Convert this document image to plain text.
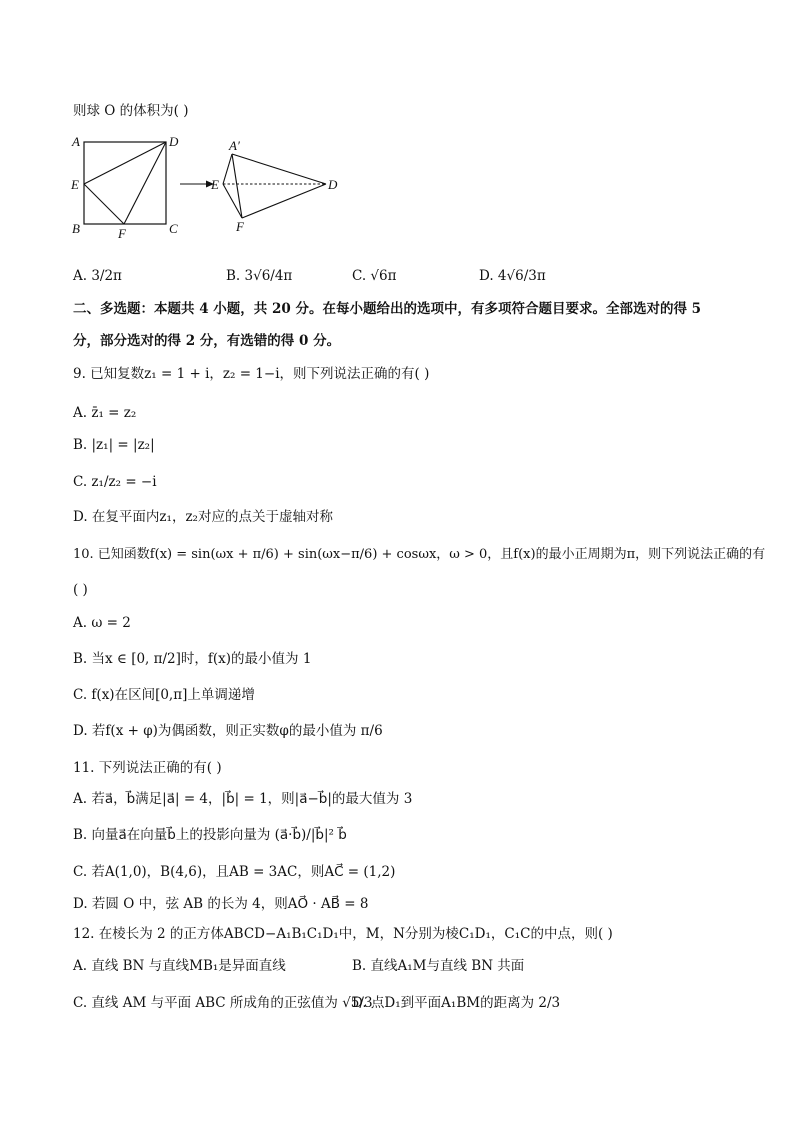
则球 O 的体积为( )
A	D
E
B	F	C
A′
E	D
F
A. 3/2π	B. 3√6/4π	C. √6π	D. 4√6/3π
二、多选题：本题共 4 小题，共 20 分。在每小题给出的选项中，有多项符合题目要求。全部选对的得 5
分，部分选对的得 2 分，有选错的得 0 分。
9. 已知复数z₁ = 1 + i，z₂ = 1−i，则下列说法正确的有( )
A. z̄₁ = z₂
B. |z₁| = |z₂|
C. z₁/z₂ = −i
D. 在复平面内z₁，z₂对应的点关于虚轴对称
10. 已知函数f(x) = sin(ωx + π/6) + sin(ωx−π/6) + cosωx，ω > 0，且f(x)的最小正周期为π，则下列说法正确的有
( )
A. ω = 2
B. 当x ∈ [0, π/2]时，f(x)的最小值为 1
C. f(x)在区间[0,π]上单调递增
D. 若f(x + φ)为偶函数，则正实数φ的最小值为 π/6
11. 下列说法正确的有( )
A. 若a⃗，b⃗满足|a⃗| = 4，|b⃗| = 1，则|a⃗−b⃗|的最大值为 3
B. 向量a⃗在向量b⃗上的投影向量为 (a⃗·b⃗)/|b⃗|² b⃗
C. 若A(1,0)，B(4,6)，且AB = 3AC，则AC⃗ = (1,2)
D. 若圆 O 中，弦 AB 的长为 4，则AO⃗ · AB⃗ = 8
12. 在棱长为 2 的正方体ABCD−A₁B₁C₁D₁中，M，N分别为棱C₁D₁，C₁C的中点，则( )
A. 直线 BN 与直线MB₁是异面直线	B. 直线A₁M与直线 BN 共面
C. 直线 AM 与平面 ABC 所成角的正弦值为 √5/3
D. 点D₁到平面A₁BM的距离为 2/3
